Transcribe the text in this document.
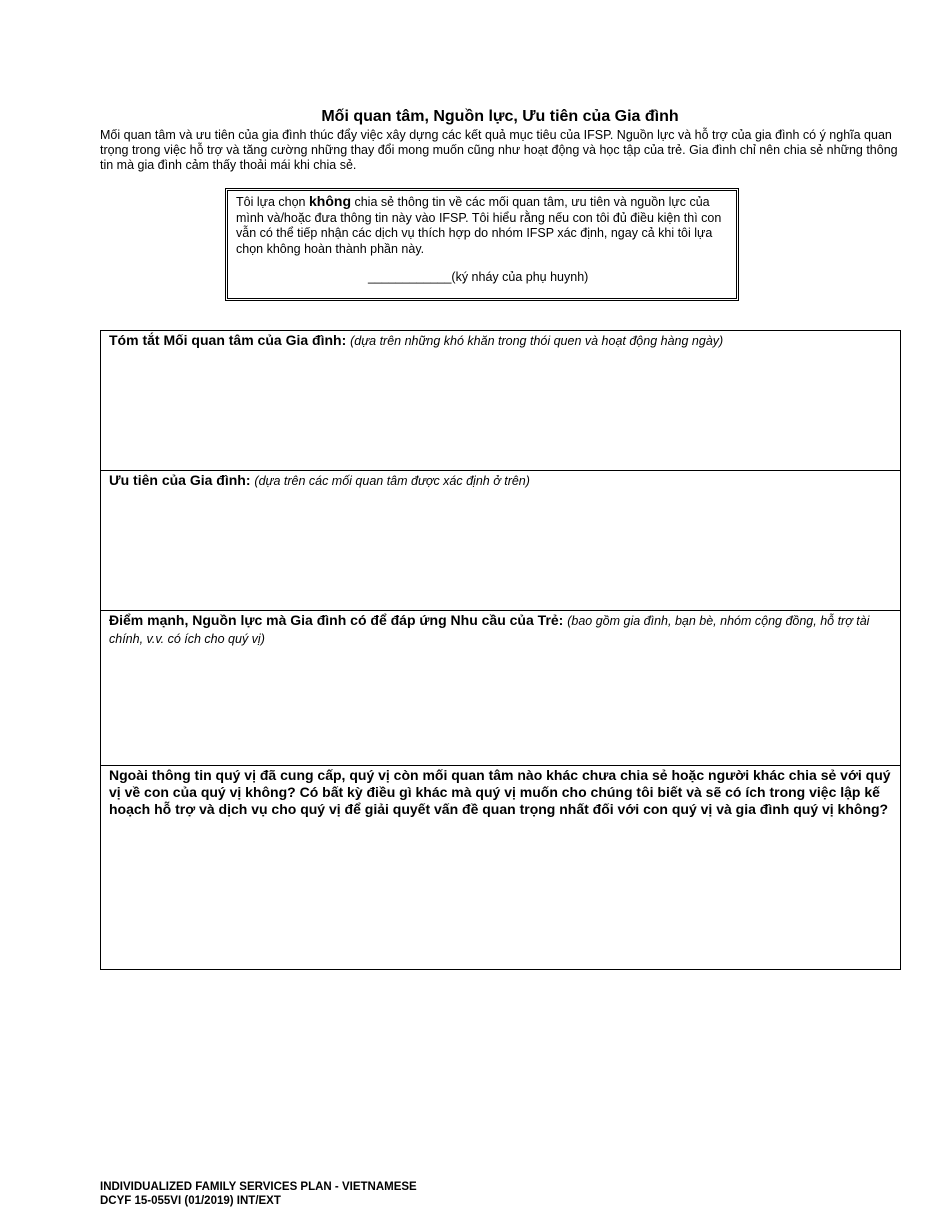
Mối quan tâm, Nguồn lực, Ưu tiên của Gia đình
Mối quan tâm và ưu tiên của gia đình thúc đẩy việc xây dựng các kết quả mục tiêu của IFSP. Nguồn lực và hỗ trợ của gia đình có ý nghĩa quan trọng trong việc hỗ trợ và tăng cường những thay đổi mong muốn cũng như hoạt động và học tập của trẻ. Gia đình chỉ nên chia sẻ những thông tin mà gia đình cảm thấy thoải mái khi chia sẻ.
Tôi lựa chọn không chia sẻ thông tin về các mối quan tâm, ưu tiên và nguồn lực của mình và/hoặc đưa thông tin này vào IFSP. Tôi hiểu rằng nếu con tôi đủ điều kiện thì con vẫn có thể tiếp nhận các dịch vụ thích hợp do nhóm IFSP xác định, ngay cả khi tôi lựa chọn không hoàn thành phần này.
____________(ký nháy của phụ huynh)
Tóm tắt Mối quan tâm của Gia đình: (dựa trên những khó khăn trong thói quen và hoạt động hàng ngày)
Ưu tiên của Gia đình: (dựa trên các mối quan tâm được xác định ở trên)
Điểm mạnh, Nguồn lực mà Gia đình có để đáp ứng Nhu cầu của Trẻ: (bao gồm gia đình, bạn bè, nhóm cộng đồng, hỗ trợ tài chính, v.v. có ích cho quý vị)
Ngoài thông tin quý vị đã cung cấp, quý vị còn mối quan tâm nào khác chưa chia sẻ hoặc người khác chia sẻ với quý vị về con của quý vị không? Có bất kỳ điều gì khác mà quý vị muốn cho chúng tôi biết và sẽ có ích trong việc lập kế hoạch hỗ trợ và dịch vụ cho quý vị để giải quyết vấn đề quan trọng nhất đối với con quý vị và gia đình quý vị không?
INDIVIDUALIZED FAMILY SERVICES PLAN - VIETNAMESE
DCYF 15-055VI (01/2019) INT/EXT
